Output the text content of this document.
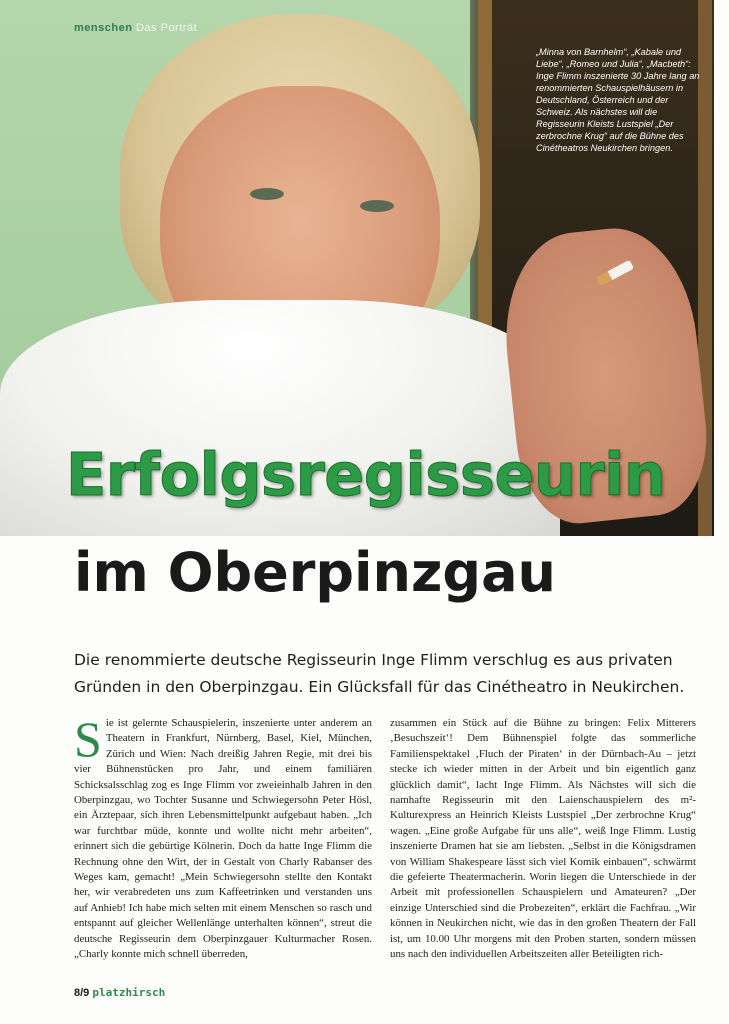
menschen Das Porträt
„Minna von Barnhelm“, „Kabale und Liebe“, „Romeo und Julia“, „Macbeth“: Inge Flimm inszenierte 30 Jahre lang an renommierten Schauspielhäusern in Deutschland, Österreich und der Schweiz. Als nächstes will die Regisseurin Kleists Lustspiel „Der zerbrochne Krug“ auf die Bühne des Cinétheatros Neukirchen bringen.
Erfolgsregisseurin
im Oberpinzgau
Die renommierte deutsche Regisseurin Inge Flimm verschlug es aus privaten Gründen in den Oberpinzgau. Ein Glücksfall für das Cinétheatro in Neukirchen.
Sie ist gelernte Schauspielerin, inszenierte unter anderem an Theatern in Frankfurt, Nürnberg, Basel, Kiel, München, Zürich und Wien: Nach dreißig Jahren Regie, mit drei bis vier Bühnenstücken pro Jahr, und einem familiären Schicksalsschlag zog es Inge Flimm vor zweieinhalb Jahren in den Oberpinzgau, wo Tochter Susanne und Schwiegersohn Peter Hösl, ein Ärztepaar, sich ihren Lebensmittelpunkt aufgebaut haben. „Ich war furchtbar müde, konnte und wollte nicht mehr arbeiten“, erinnert sich die gebürtige Kölnerin. Doch da hatte Inge Flimm die Rechnung ohne den Wirt, der in Gestalt von Charly Rabanser des Weges kam, gemacht! „Mein Schwiegersohn stellte den Kontakt her, wir verabredeten uns zum Kaffeetrinken und verstanden uns auf Anhieb! Ich habe mich selten mit einem Menschen so rasch und entspannt auf gleicher Wellenlänge unterhalten können“, streut die deutsche Regisseurin dem Oberpinzgauer Kulturmacher Rosen. „Charly konnte mich schnell überreden,
zusammen ein Stück auf die Bühne zu bringen: Felix Mitterers ‚Besuchszeit‘! Dem Bühnenspiel folgte das sommerliche Familienspektakel ‚Fluch der Piraten‘ in der Dürnbach-Au – jetzt stecke ich wieder mitten in der Arbeit und bin eigentlich ganz glücklich damit“, lacht Inge Flimm. Als Nächstes will sich die namhafte Regisseurin mit den Laienschauspielern des m²-Kulturexpress an Heinrich Kleists Lustspiel „Der zerbrochne Krug“ wagen. „Eine große Aufgabe für uns alle“, weiß Inge Flimm. Lustig inszenierte Dramen hat sie am liebsten. „Selbst in die Königsdramen von William Shakespeare lässt sich viel Komik einbauen“, schwärmt die gefeierte Theatermacherin. Worin liegen die Unterschiede in der Arbeit mit professionellen Schauspielern und Amateuren? „Der einzige Unterschied sind die Probezeiten“, erklärt die Fachfrau. „Wir können in Neukirchen nicht, wie das in den großen Theatern der Fall ist, um 10.00 Uhr morgens mit den Proben starten, sondern müssen uns nach den individuellen Arbeitszeiten aller Beteiligten rich-
8/9 platzhirsch
